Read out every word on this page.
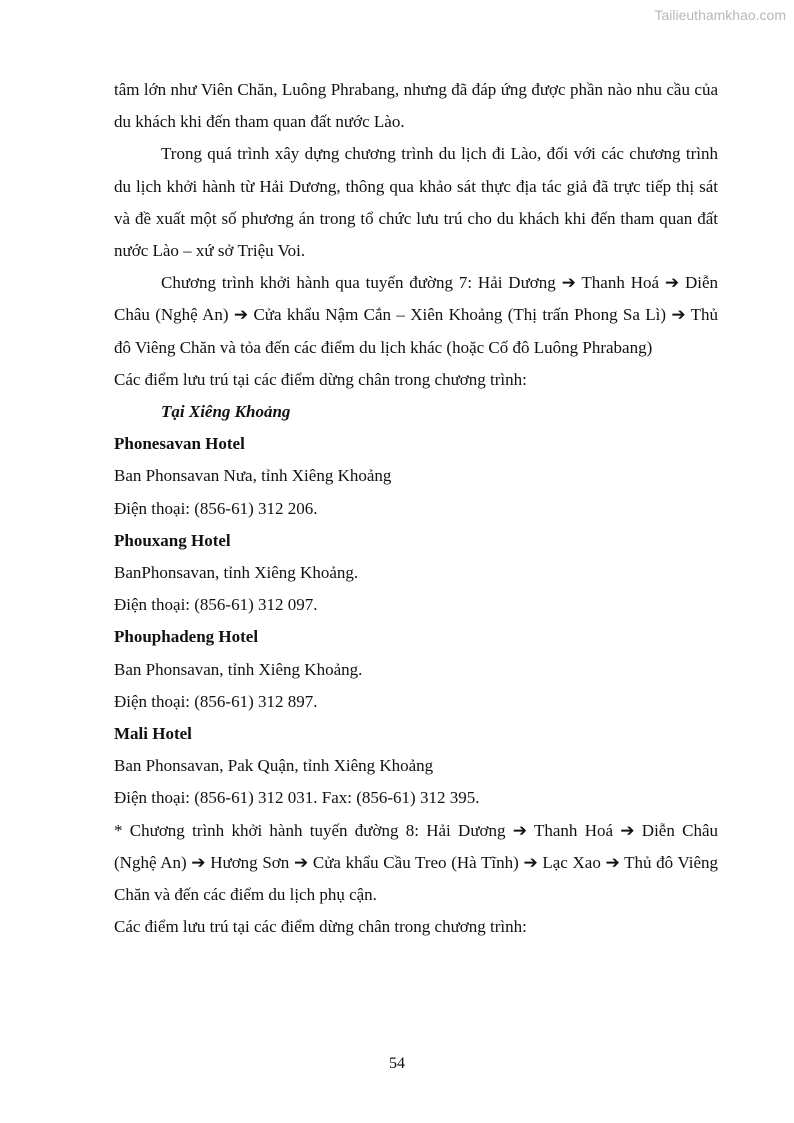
Tailieuthamkhao.com

tâm lớn như Viên Chăn, Luông Phrabang, nhưng đã đáp ứng được phần nào nhu cầu của du khách khi đến tham quan đất nước Lào.

Trong quá trình xây dựng chương trình du lịch đi Lào, đối với các chương trình du lịch khởi hành từ Hải Dương, thông qua khảo sát thực địa tác giả đã trực tiếp thị sát và đề xuất một số phương án trong tổ chức lưu trú cho du khách khi đến tham quan đất nước Lào – xứ sở Triệu Voi.

Chương trình khởi hành qua tuyến đường 7: Hải Dương ➔ Thanh Hoá ➔ Diễn Châu (Nghệ An) ➔ Cửa khẩu Nậm Cắn – Xiên Khoảng (Thị trấn Phong Sa Lì) ➔ Thủ đô Viêng Chăn và tỏa đến các điểm du lịch khác (hoặc Cố đô Luông Phrabang)

Các điểm lưu trú tại các điểm dừng chân trong chương trình:

Tại Xiêng Khoảng

Phonesavan Hotel

Ban Phonsavan Nưa, tỉnh Xiêng Khoảng

Điện thoại: (856-61) 312 206.

Phouxang Hotel

BanPhonsavan, tỉnh Xiêng Khoảng.

Điện thoại: (856-61) 312 097.

Phouphadeng Hotel

Ban Phonsavan, tỉnh Xiêng Khoảng.

Điện thoại: (856-61) 312 897.

Mali Hotel

Ban Phonsavan, Pak Quận, tỉnh Xiêng Khoảng

Điện thoại: (856-61) 312 031. Fax: (856-61) 312 395.

* Chương trình khởi hành tuyến đường 8: Hải Dương ➔ Thanh Hoá ➔ Diễn Châu (Nghệ An) ➔ Hương Sơn ➔ Cửa khẩu Cầu Treo (Hà Tĩnh) ➔ Lạc Xao ➔ Thủ đô Viêng Chăn và đến các điểm du lịch phụ cận.

Các điểm lưu trú tại các điểm dừng chân trong chương trình:

54
